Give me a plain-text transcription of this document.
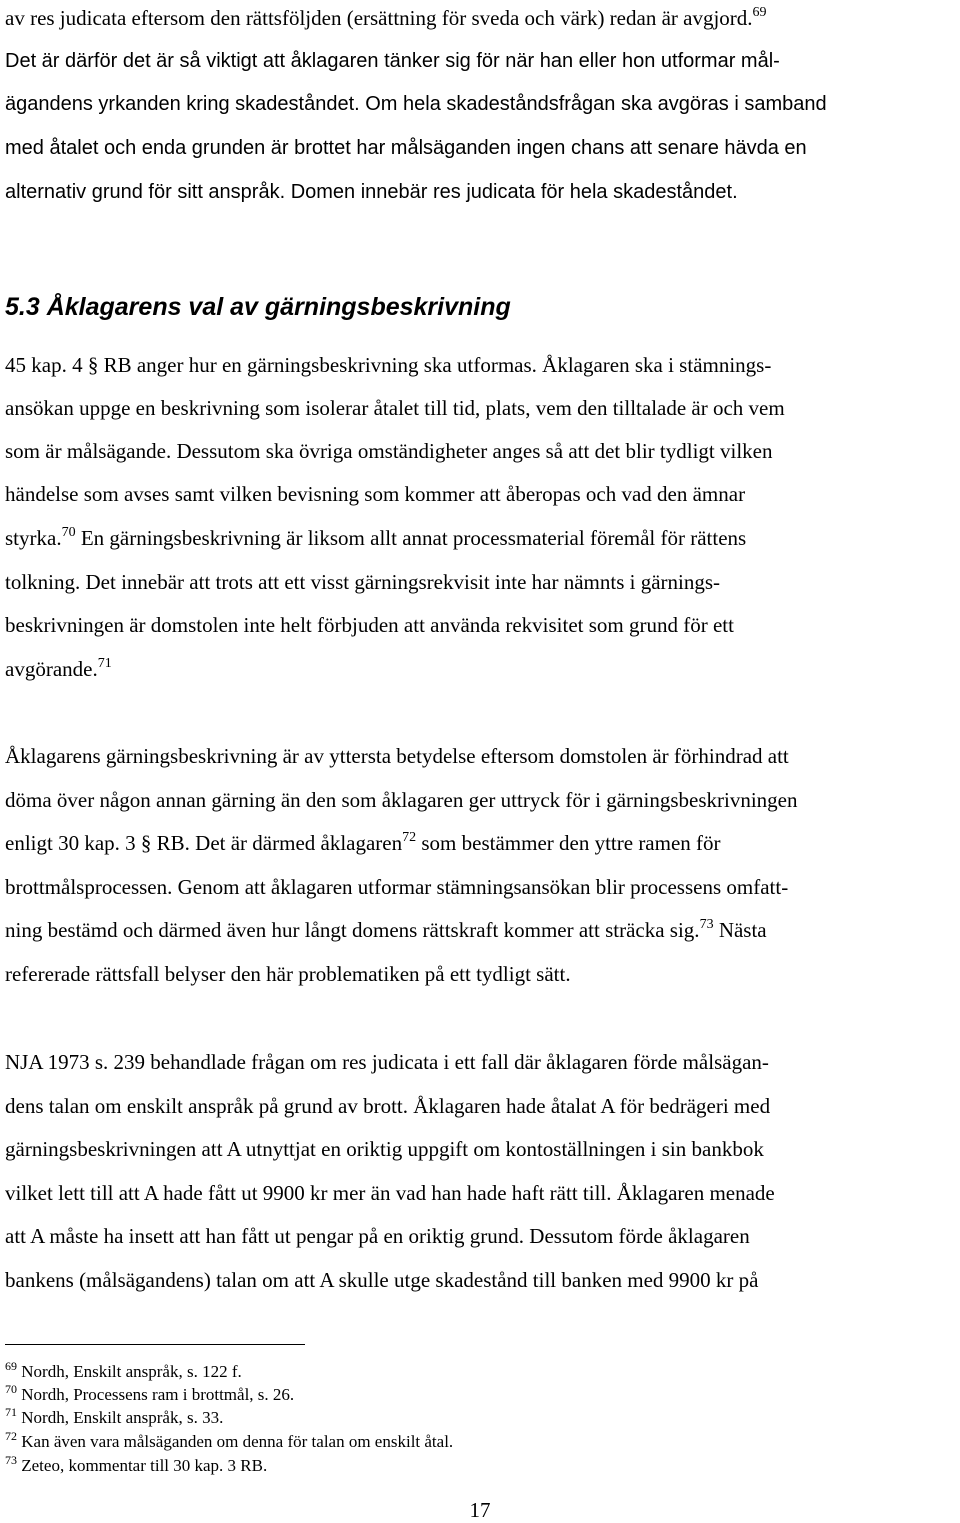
av res judicata eftersom den rättsföljden (ersättning för sveda och värk) redan är avgjord.$^{69}$

Det är därför det är så viktigt att åklagaren tänker sig för när han eller hon utformar mål-

ägandens yrkanden kring skadeståndet. Om hela skadeståndsfrågan ska avgöras i samband

med åtalet och enda grunden är brottet har målsäganden ingen chans att senare hävda en

alternativ grund för sitt anspråk. Domen innebär res judicata för hela skadeståndet.

5.3 Åklagarens val av gärningsbeskrivning

45 kap. 4 § RB anger hur en gärningsbeskrivning ska utformas. Åklagaren ska i stämnings-

ansökan uppge en beskrivning som isolerar åtalet till tid, plats, vem den tilltalade är och vem

som är målsägande. Dessutom ska övriga omständigheter anges så att det blir tydligt vilken

händelse som avses samt vilken bevisning som kommer att åberopas och vad den ämnar

styrka.$^{70}$ En gärningsbeskrivning är liksom allt annat processmaterial föremål för rättens

tolkning. Det innebär att trots att ett visst gärningsrekvisit inte har nämnts i gärnings-

beskrivningen är domstolen inte helt förbjuden att använda rekvisitet som grund för ett

avgörande.$^{71}$

Åklagarens gärningsbeskrivning är av yttersta betydelse eftersom domstolen är förhindrad att

döma över någon annan gärning än den som åklagaren ger uttryck för i gärningsbeskrivningen

enligt 30 kap. 3 § RB. Det är därmed åklagaren$^{72}$ som bestämmer den yttre ramen för

brottmålsprocessen. Genom att åklagaren utformar stämningsansökan blir processens omfatt-

ning bestämd och därmed även hur långt domens rättskraft kommer att sträcka sig.$^{73}$ Nästa

refererade rättsfall belyser den här problematiken på ett tydligt sätt.

NJA 1973 s. 239 behandlade frågan om res judicata i ett fall där åklagaren förde målsägan-

dens talan om enskilt anspråk på grund av brott. Åklagaren hade åtalat A för bedrägeri med

gärningsbeskrivningen att A utnyttjat en oriktig uppgift om kontoställningen i sin bankbok

vilket lett till att A hade fått ut 9900 kr mer än vad han hade haft rätt till. Åklagaren menade

att A måste ha insett att han fått ut pengar på en oriktig grund. Dessutom förde åklagaren

bankens (målsägandens) talan om att A skulle utge skadestånd till banken med 9900 kr på

$^{69}$ Nordh, Enskilt anspråk, s. 122 f.

$^{70}$ Nordh, Processens ram i brottmål, s. 26.

$^{71}$ Nordh, Enskilt anspråk, s. 33.

$^{72}$ Kan även vara målsäganden om denna för talan om enskilt åtal.

$^{73}$ Zeteo, kommentar till 30 kap. 3 RB.

17
